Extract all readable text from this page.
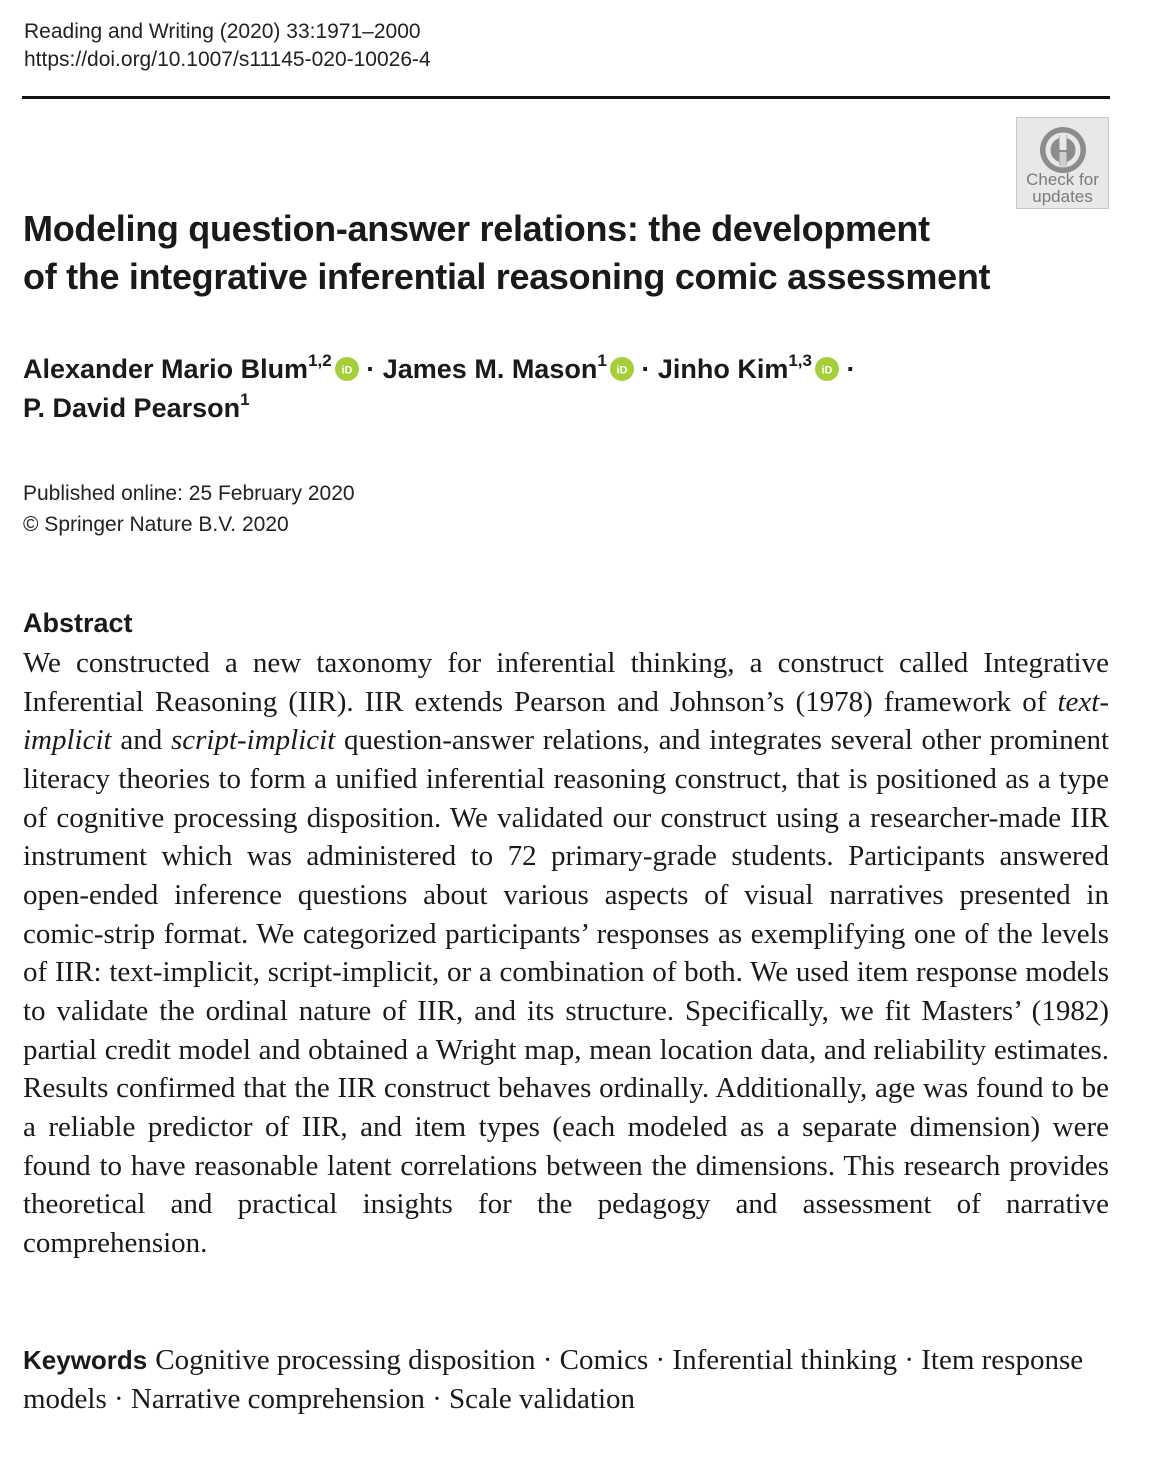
Reading and Writing (2020) 33:1971–2000
https://doi.org/10.1007/s11145-020-10026-4
Check for
updates
Modeling question-answer relations: the development
of the integrative inferential reasoning comic assessment
Alexander Mario Blum$^{1,2}$
iD · James M. Mason$^1$
iD · Jinho Kim$^{1,3}$
iD ·
P. David Pearson$^1$
Published online: 25 February 2020
© Springer Nature B.V. 2020
Abstract

We constructed a new taxonomy for inferential thinking, a construct called Integrative Inferential Reasoning (IIR). IIR extends Pearson and Johnson’s (1978) framework of text-implicit and script-implicit question-answer relations, and integrates several other prominent literacy theories to form a unified inferential reasoning construct, that is positioned as a type of cognitive processing disposition. We validated our construct using a researcher-made IIR instrument which was administered to 72 primary-grade students. Participants answered open-ended inference questions about various aspects of visual narratives presented in comic-strip format. We categorized participants’ responses as exemplifying one of the levels of IIR: text-implicit, script-implicit, or a combination of both. We used item response models to validate the ordinal nature of IIR, and its structure. Specifically, we fit Masters’ (1982) partial credit model and obtained a Wright map, mean location data, and reliability estimates. Results confirmed that the IIR construct behaves ordinally. Additionally, age was found to be a reliable predictor of IIR, and item types (each modeled as a separate dimension) were found to have reasonable latent correlations between the dimensions. This research provides theoretical and practical insights for the pedagogy and assessment of narrative comprehension.

Keywords Cognitive processing disposition · Comics · Inferential thinking · Item response models · Narrative comprehension · Scale validation
